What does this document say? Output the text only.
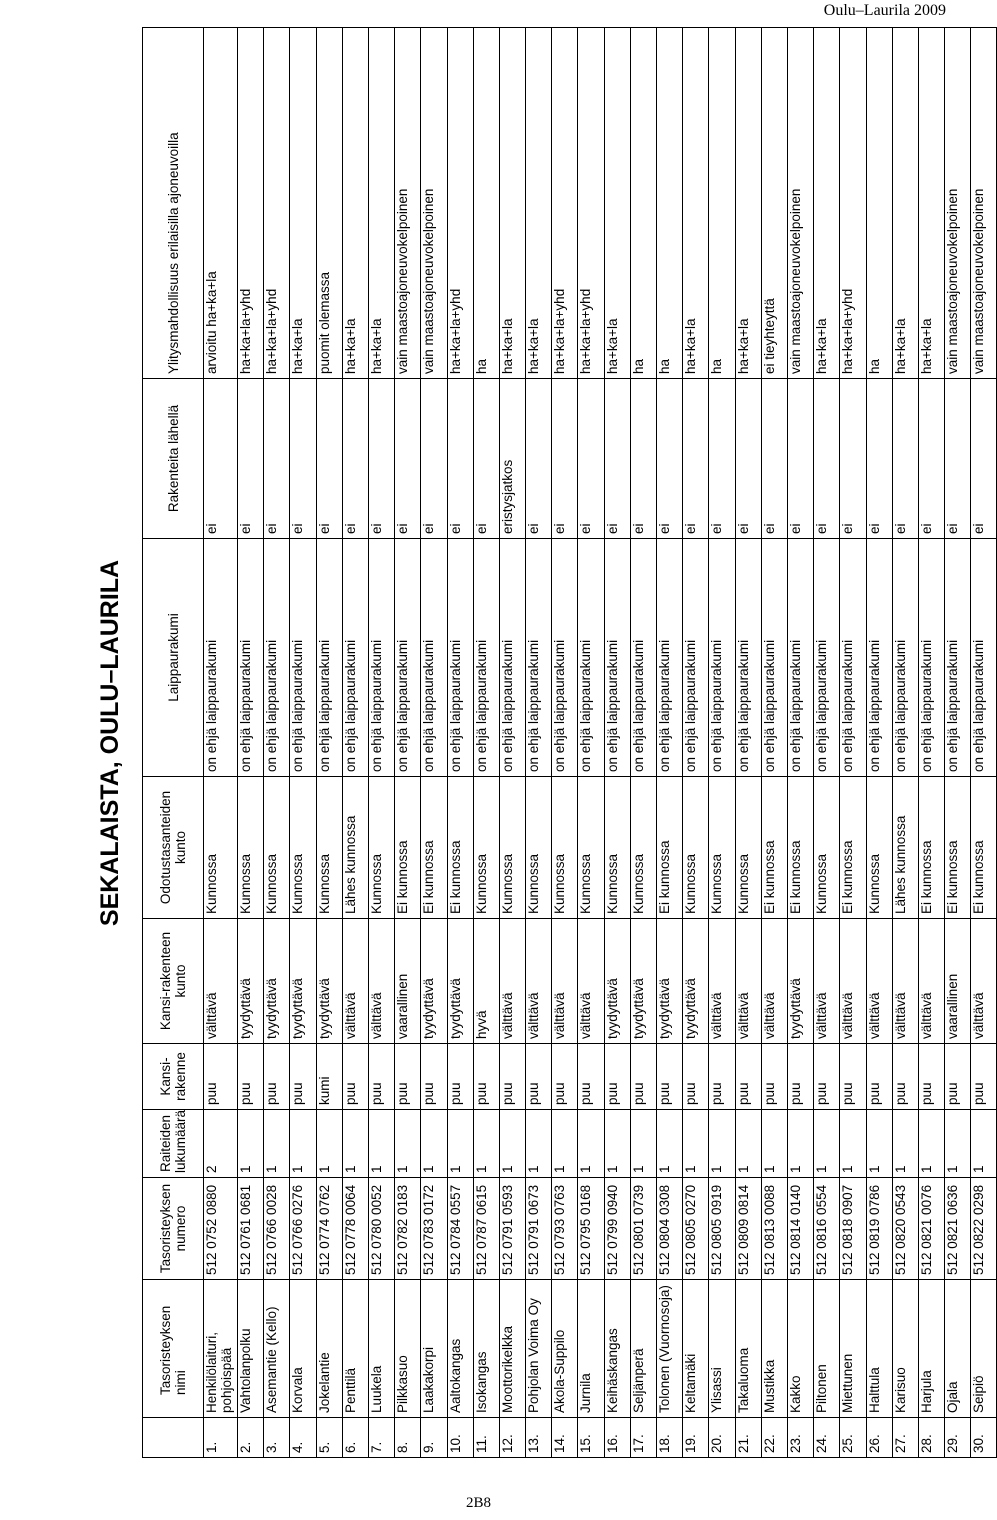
Oulu–Laurila 2009
SEKALAISTA, OULU–LAURILA
	Tasoristeyksen nimi	Tasoristeyksen numero	Raiteiden lukumäärä	Kansi-rakenne	Kansi-rakenteen kunto	Odotustasanteiden kunto	Laippaurakumi	Rakenteita lähellä	Ylitysmahdollisuus erilaisilla ajoneuvoilla
1.	Henkilölaituri, pohjoispää	512 0752 0880	2	puu	välttävä	Kunnossa	on ehjä laippaurakumi	ei	arvioitu ha+ka+la
2.	Vahtolanpolku	512 0761 0681	1	puu	tyydyttävä	Kunnossa	on ehjä laippaurakumi	ei	ha+ka+la+yhd
3.	Asemantie (Kello)	512 0766 0028	1	puu	tyydyttävä	Kunnossa	on ehjä laippaurakumi	ei	ha+ka+la+yhd
4.	Korvala	512 0766 0276	1	puu	tyydyttävä	Kunnossa	on ehjä laippaurakumi	ei	ha+ka+la
5.	Jokelantie	512 0774 0762	1	kumi	tyydyttävä	Kunnossa	on ehjä laippaurakumi	ei	puomit olemassa
6.	Penttilä	512 0778 0064	1	puu	välttävä	Lähes kunnossa	on ehjä laippaurakumi	ei	ha+ka+la
7.	Luukela	512 0780 0052	1	puu	välttävä	Kunnossa	on ehjä laippaurakumi	ei	ha+ka+la
8.	Pilkkasuo	512 0782 0183	1	puu	vaarallinen	Ei kunnossa	on ehjä laippaurakumi	ei	vain maastoajoneuvokelpoinen
9.	Laakakorpi	512 0783 0172	1	puu	tyydyttävä	Ei kunnossa	on ehjä laippaurakumi	ei	vain maastoajoneuvokelpoinen
10.	Aaltokangas	512 0784 0557	1	puu	tyydyttävä	Ei kunnossa	on ehjä laippaurakumi	ei	ha+ka+la+yhd
11.	Isokangas	512 0787 0615	1	puu	hyvä	Kunnossa	on ehjä laippaurakumi	ei	ha
12.	Moottorikelkka	512 0791 0593	1	puu	välttävä	Kunnossa	on ehjä laippaurakumi	eristysjatkos	ha+ka+la
13.	Pohjolan Voima Oy	512 0791 0673	1	puu	välttävä	Kunnossa	on ehjä laippaurakumi	ei	ha+ka+la
14.	Akola-Suppilo	512 0793 0763	1	puu	välttävä	Kunnossa	on ehjä laippaurakumi	ei	ha+ka+la+yhd
15.	Jurnila	512 0795 0168	1	puu	välttävä	Kunnossa	on ehjä laippaurakumi	ei	ha+ka+la+yhd
16.	Keihäskangas	512 0799 0940	1	puu	tyydyttävä	Kunnossa	on ehjä laippaurakumi	ei	ha+ka+la
17.	Seljänperä	512 0801 0739	1	puu	tyydyttävä	Kunnossa	on ehjä laippaurakumi	ei	ha
18.	Tolonen (Vuornosoja)	512 0804 0308	1	puu	tyydyttävä	Ei kunnossa	on ehjä laippaurakumi	ei	ha
19.	Keltamäki	512 0805 0270	1	puu	tyydyttävä	Kunnossa	on ehjä laippaurakumi	ei	ha+ka+la
20.	Ylisassi	512 0805 0919	1	puu	välttävä	Kunnossa	on ehjä laippaurakumi	ei	ha
21.	Takaluoma	512 0809 0814	1	puu	välttävä	Kunnossa	on ehjä laippaurakumi	ei	ha+ka+la
22.	Mustikka	512 0813 0088	1	puu	välttävä	Ei kunnossa	on ehjä laippaurakumi	ei	ei tieyhteyttä
23.	Kakko	512 0814 0140	1	puu	tyydyttävä	Ei kunnossa	on ehjä laippaurakumi	ei	vain maastoajoneuvokelpoinen
24.	Piltonen	512 0816 0554	1	puu	välttävä	Kunnossa	on ehjä laippaurakumi	ei	ha+ka+la
25.	Miettunen	512 0818 0907	1	puu	välttävä	Ei kunnossa	on ehjä laippaurakumi	ei	ha+ka+la+yhd
26.	Halttula	512 0819 0786	1	puu	välttävä	Kunnossa	on ehjä laippaurakumi	ei	ha
27.	Karisuo	512 0820 0543	1	puu	välttävä	Lähes kunnossa	on ehjä laippaurakumi	ei	ha+ka+la
28.	Harjula	512 0821 0076	1	puu	välttävä	Ei kunnossa	on ehjä laippaurakumi	ei	ha+ka+la
29.	Ojala	512 0821 0636	1	puu	vaarallinen	Ei kunnossa	on ehjä laippaurakumi	ei	vain maastoajoneuvokelpoinen
30.	Seipiö	512 0822 0298	1	puu	välttävä	Ei kunnossa	on ehjä laippaurakumi	ei	vain maastoajoneuvokelpoinen
2B8
